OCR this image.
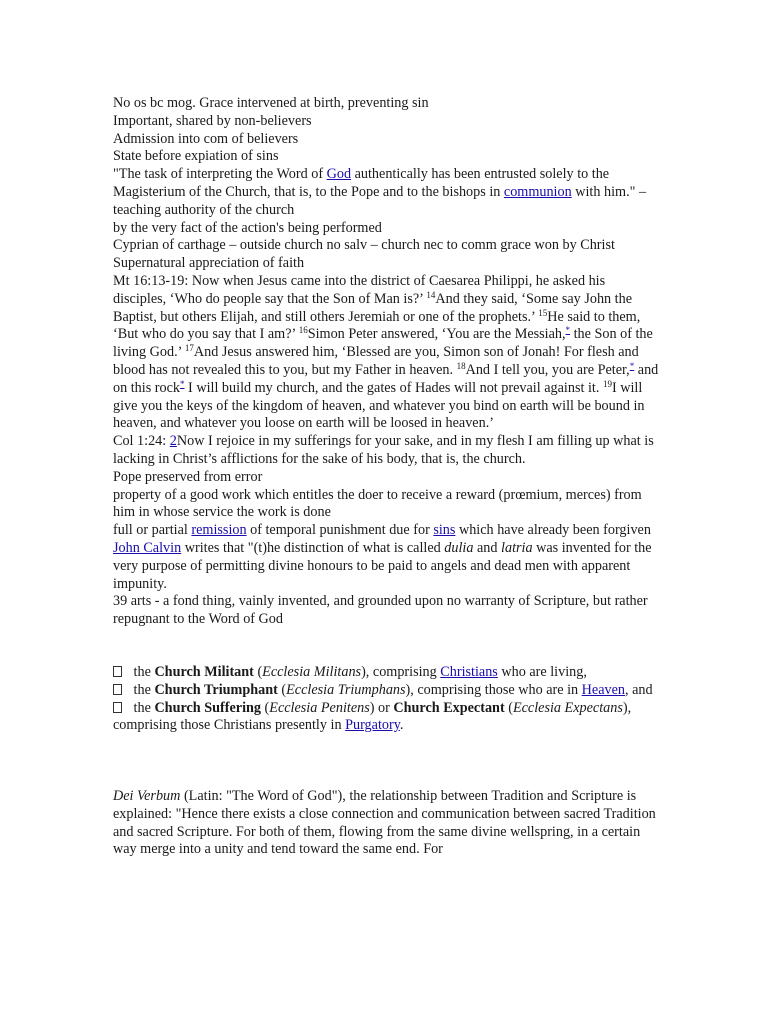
No os bc mog. Grace intervened at birth, preventing sin

Important, shared by non-believers

Admission into com of believers

State before expiation of sins

"The task of interpreting the Word of God authentically has been entrusted solely to the Magisterium of the Church, that is, to the Pope and to the bishops in communion with him." – teaching authority of the church

by the very fact of the action's being performed

Cyprian of carthage – outside church no salv – church nec to comm grace won by Christ

Supernatural appreciation of faith

Mt 16:13-19: Now when Jesus came into the district of Caesarea Philippi, he asked his disciples, ‘Who do people say that the Son of Man is?’ $^{14}$And they said, ‘Some say John the Baptist, but others Elijah, and still others Jeremiah or one of the prophets.’ $^{15}$He said to them, ‘But who do you say that I am?’ $^{16}$Simon Peter answered, ‘You are the Messiah,* the Son of the living God.’ $^{17}$And Jesus answered him, ‘Blessed are you, Simon son of Jonah! For flesh and blood has not revealed this to you, but my Father in heaven. $^{18}$And I tell you, you are Peter,* and on this rock* I will build my church, and the gates of Hades will not prevail against it. $^{19}$I will give you the keys of the kingdom of heaven, and whatever you bind on earth will be bound in heaven, and whatever you loose on earth will be loosed in heaven.’

Col 1:24: 2Now I rejoice in my sufferings for your sake, and in my flesh I am filling up what is lacking in Christ’s afflictions for the sake of his body, that is, the church.

Pope preserved from error

property of a good work which entitles the doer to receive a reward (prœmium, merces) from him in whose service the work is done

full or partial remission of temporal punishment due for sins which have already been forgiven

John Calvin writes that "(t)he distinction of what is called dulia and latria was invented for the very purpose of permitting divine honours to be paid to angels and dead men with apparent impunity.

39 arts - a fond thing, vainly invented, and grounded upon no warranty of Scripture, but rather repugnant to the Word of God

the Church Militant (Ecclesia Militans), comprising Christians who are living,

the Church Triumphant (Ecclesia Triumphans), comprising those who are in Heaven, and

the Church Suffering (Ecclesia Penitens) or Church Expectant (Ecclesia Expectans), comprising those Christians presently in Purgatory.

Dei Verbum (Latin: "The Word of God"), the relationship between Tradition and Scripture is explained: "Hence there exists a close connection and communication between sacred Tradition and sacred Scripture. For both of them, flowing from the same divine wellspring, in a certain way merge into a unity and tend toward the same end. For
